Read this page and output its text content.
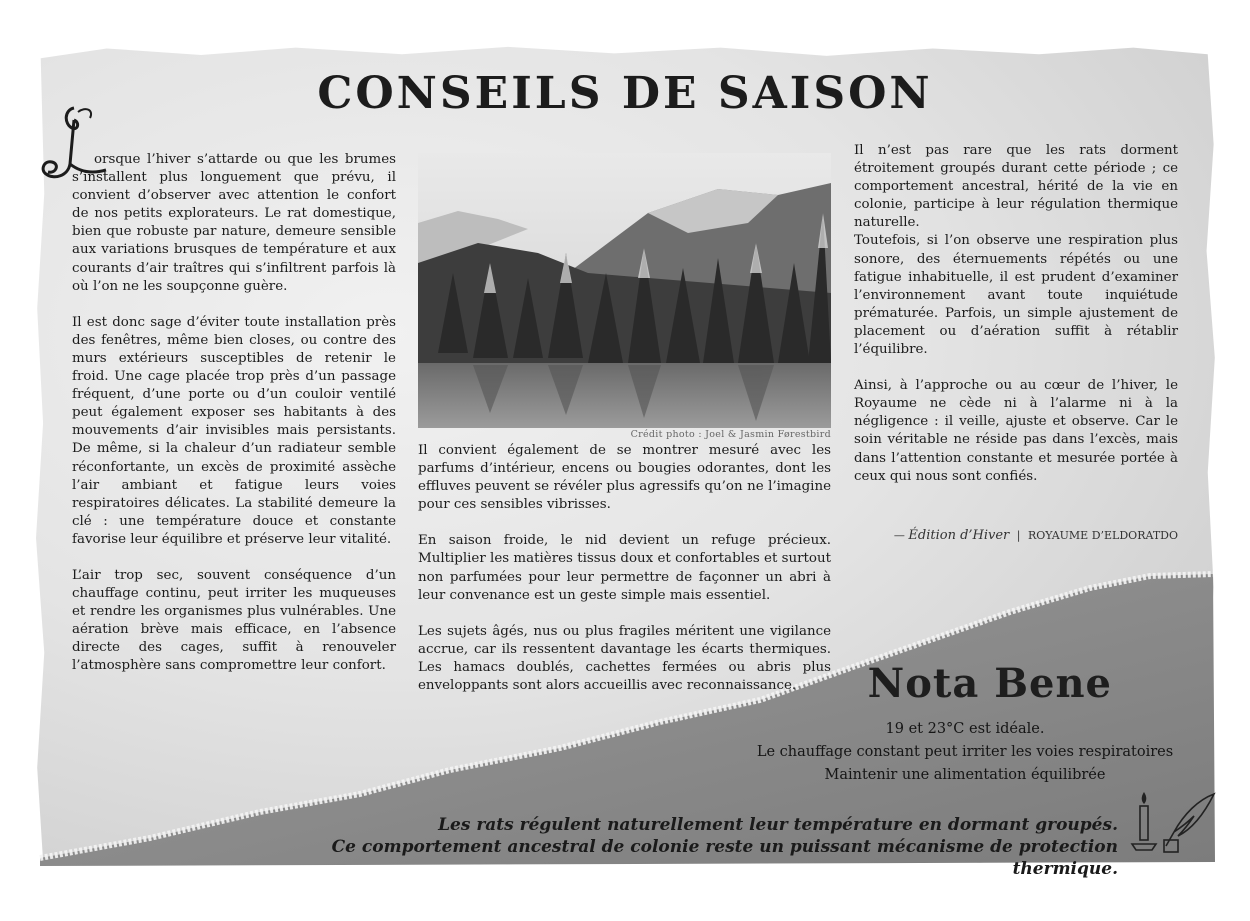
CONSEILS DE SAISON

orsque l’hiver s’attarde ou que les brumes s’installent plus longuement que prévu, il convient d’observer avec attention le confort de nos petits explorateurs. Le rat domestique, bien que robuste par nature, demeure sensible aux variations brusques de température et aux courants d’air traîtres qui s’infiltrent parfois là où l’on ne les soupçonne guère.

Il est donc sage d’éviter toute installation près des fenêtres, même bien closes, ou contre des murs extérieurs susceptibles de retenir le froid. Une cage placée trop près d’un passage fréquent, d’une porte ou d’un couloir ventilé peut également exposer ses habitants à des mouvements d’air invisibles mais persistants. De même, si la chaleur d’un radiateur semble réconfortante, un excès de proximité assèche l’air ambiant et fatigue leurs voies respiratoires délicates. La stabilité demeure la clé : une température douce et constante favorise leur équilibre et préserve leur vitalité.

L’air trop sec, souvent conséquence d’un chauffage continu, peut irriter les muqueuses et rendre les organismes plus vulnérables. Une aération brève mais efficace, en l’absence directe des cages, suffit à renouveler l’atmosphère sans compromettre leur confort.

Crédit photo : Joel & Jasmin Førestbird

Il convient également de se montrer mesuré avec les parfums d’intérieur, encens ou bougies odorantes, dont les effluves peuvent se révéler plus agressifs qu’on ne l’imagine pour ces sensibles vibrisses.

En saison froide, le nid devient un refuge précieux. Multiplier les matières tissus doux et confortables et surtout non parfumées pour leur permettre de façonner un abri à leur convenance est un geste simple mais essentiel.

Les sujets âgés, nus ou plus fragiles méritent une vigilance accrue, car ils ressentent davantage les écarts thermiques. Les hamacs doublés, cachettes fermées ou abris plus enveloppants sont alors accueillis avec reconnaissance.

Il n’est pas rare que les rats dorment étroitement groupés durant cette période ; ce comportement ancestral, hérité de la vie en colonie, participe à leur régulation thermique naturelle.
Toutefois, si l’on observe une respiration plus sonore, des éternuements répétés ou une fatigue inhabituelle, il est prudent d’examiner l’environnement avant toute inquiétude prématurée. Parfois, un simple ajustement de placement ou d’aération suffit à rétablir l’équilibre.

Ainsi, à l’approche ou au cœur de l’hiver, le Royaume ne cède ni à l’alarme ni à la négligence : il veille, ajuste et observe. Car le soin véritable ne réside pas dans l’excès, mais dans l’attention constante et mesurée portée à ceux qui nous sont confiés.

— Édition d’Hiver | ROYAUME D’ELDORATDO
Nota Bene
19 et 23°C est idéale.
Le chauffage constant peut irriter les voies respiratoires
Maintenir une alimentation équilibrée
Les rats régulent naturellement leur température en dormant groupés.
Ce comportement ancestral de colonie reste un puissant mécanisme de protection thermique.
